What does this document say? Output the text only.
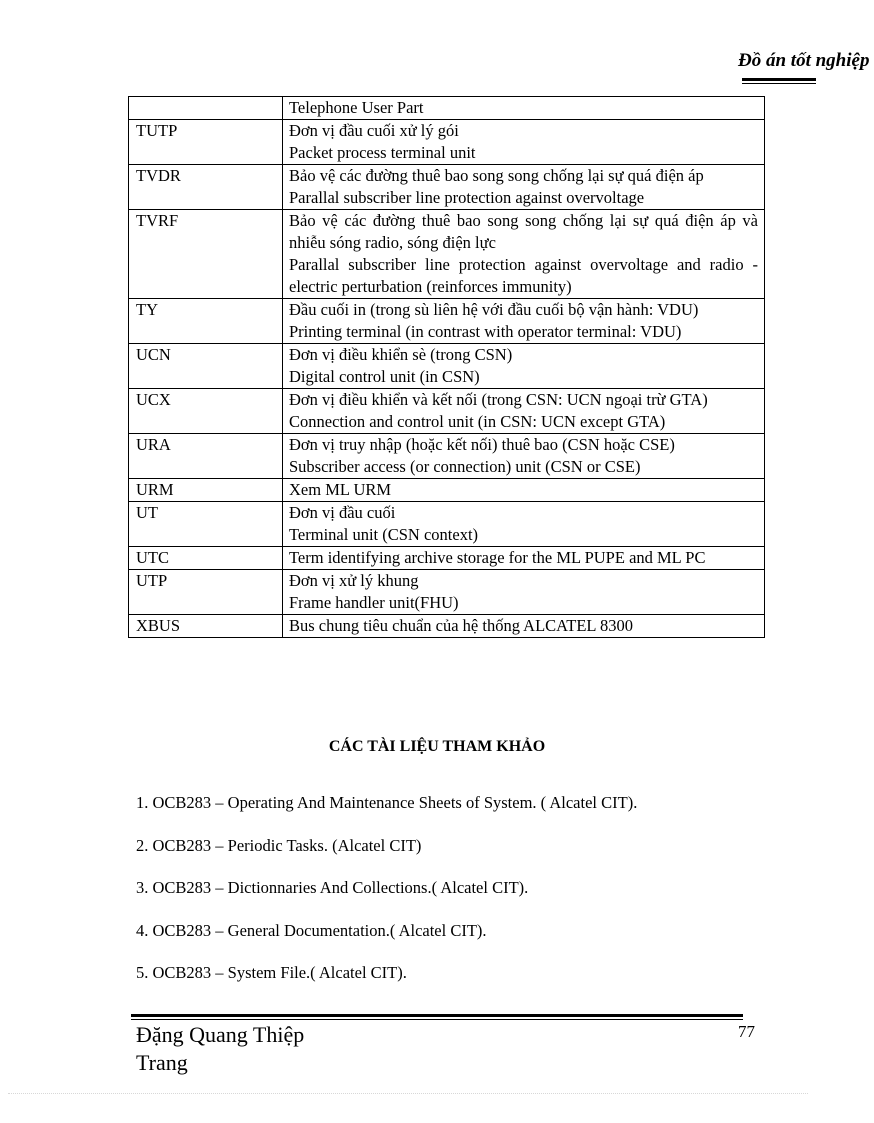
Đồ án tốt nghiệp

	Telephone User Part

TUTP	Đơn vị đầu cuối xử lý gói
Packet process terminal unit

TVDR	Bảo vệ các đường thuê bao song song chống lại sự quá điện áp
Parallal subscriber line protection against overvoltage

TVRF	Bảo vệ các đường thuê bao song song chống lại sự quá điện áp và nhiễu sóng radio, sóng điện lực
Parallal subscriber line protection against overvoltage and radio - electric perturbation (reinforces immunity)

TY	Đầu cuối in (trong sù liên hệ với đầu cuối bộ vận hành: VDU)
Printing terminal (in contrast with operator terminal: VDU)

UCN	Đơn vị điều khiển sè (trong CSN)
Digital control unit (in CSN)

UCX	Đơn vị điều khiển và kết nối (trong CSN: UCN ngoại trừ GTA)
Connection and control unit (in CSN: UCN except GTA)

URA	Đơn vị truy nhập (hoặc kết nối) thuê bao (CSN hoặc CSE)
Subscriber access (or connection) unit (CSN or CSE)

URM	Xem ML URM

UT	Đơn vị đầu cuối
Terminal unit (CSN context)

UTC	Term identifying archive storage for the ML PUPE and ML PC

UTP	Đơn vị xử lý khung
Frame handler unit(FHU)

XBUS	Bus chung tiêu chuẩn của hệ thống ALCATEL 8300
CÁC TÀI LIỆU THAM KHẢO
1. OCB283 – Operating And Maintenance Sheets of System. ( Alcatel CIT).
2. OCB283 – Periodic Tasks. (Alcatel CIT)
3. OCB283 – Dictionnaries And Collections.( Alcatel CIT).
4. OCB283 – General Documentation.( Alcatel CIT).
5. OCB283 – System File.( Alcatel CIT).
Đặng Quang Thiệp
Trang
77
